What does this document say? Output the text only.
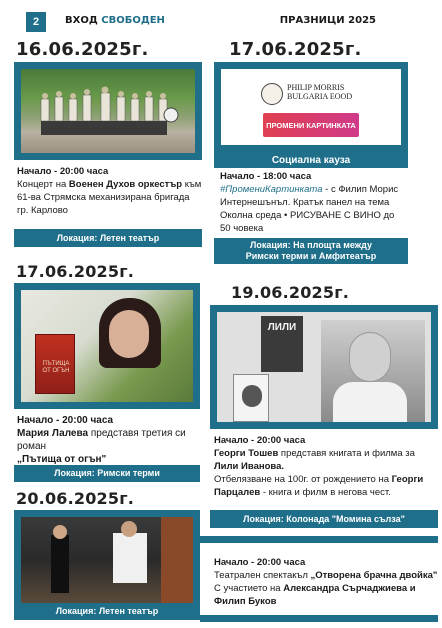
2	ВХОД СВОБОДЕН	ПРАЗНИЦИ 2025
16.06.2025г.
Начало - 20:00 часа
Концерт на Военен Духов оркестър към 61-ва Стрямска механизирана бригада гр. Карлово
Локация: Летен театър
17.06.2025г.
PHILIP MORRIS
BULGARIA EOOD
ПРОМЕНИ КАРТИНКАТА
Социална кауза
Начало - 18:00 часа
#ПромениКартинката - с Филип Морис Интернешънъл. Кратък панел на тема Околна среда • РИСУВАНЕ С ВИНО до 50 човека
Локация: На площта между
Римски терми и Амфитеатър
17.06.2025г.
ПЪТИЩА
ОТ ОГЪН
Начало - 20:00 часа
Мария Лалева представя третия си роман
„Пътища от огън"
Локация: Римски терми
19.06.2025г.
ЛИЛИ
Начало - 20:00 часа
Георги Тошев представя книгата и филма за Лили Иванова.
Отбелязване на 100г. от рождението на Георги Парцалев - книга и филм в негова чест.
Локация: Колонада "Момина сълза"
20.06.2025г.
Локация: Летен театър
Начало - 20:00 часа
Театрален спектакъл „Отворена брачна двойка"
С участието на Александра Сърчаджиева и Филип Буков
